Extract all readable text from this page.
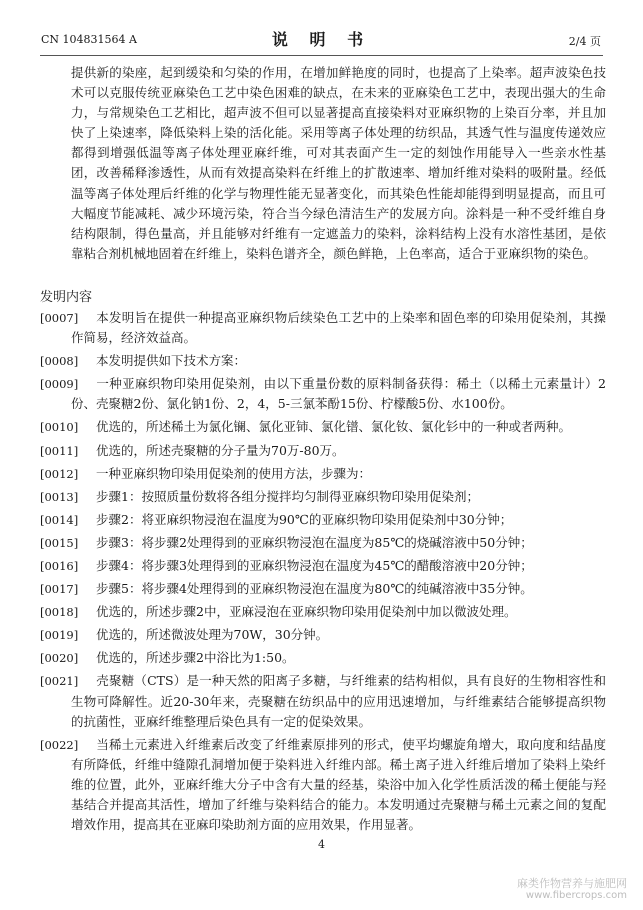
CN 104831564 A	说 明 书	2/4 页

提供新的染座，起到缓染和匀染的作用，在增加鲜艳度的同时，也提高了上染率。超声波染色技术可以克服传统亚麻染色工艺中染色困难的缺点，在未来的亚麻染色工艺中，表现出强大的生命力，与常规染色工艺相比，超声波不但可以显著提高直接染料对亚麻织物的上染百分率，并且加快了上染速率，降低染料上染的活化能。采用等离子体处理的纺织品，其透气性与温度传递效应都得到增强低温等离子体处理亚麻纤维，可对其表面产生一定的刻蚀作用能导入一些亲水性基团，改善稀释渗透性，从而有效提高染料在纤维上的扩散速率、增加纤维对染料的吸附量。经低温等离子体处理后纤维的化学与物理性能无显著变化，而其染色性能却能得到明显提高，而且可大幅度节能减耗、减少环境污染，符合当今绿色清洁生产的发展方向。涂料是一种不受纤维自身结构限制，得色量高，并且能够对纤维有一定遮盖力的染料，涂料结构上没有水溶性基团，是依靠粘合剂机械地固着在纤维上，染料色谱齐全，颜色鲜艳，上色率高，适合于亚麻织物的染色。

发明内容
[0007] 本发明旨在提供一种提高亚麻织物后续染色工艺中的上染率和固色率的印染用促染剂，其操作简易，经济效益高。
[0008] 本发明提供如下技术方案：
[0009] 一种亚麻织物印染用促染剂，由以下重量份数的原料制备获得：稀土（以稀土元素量计）2份、壳聚糖2份、氯化钠1份、2，4，5-三氯苯酚15份、柠檬酸5份、水100份。
[0010] 优选的，所述稀土为氯化镧、氯化亚铈、氯化镨、氯化钕、氯化钐中的一种或者两种。
[0011] 优选的，所述壳聚糖的分子量为70万-80万。
[0012] 一种亚麻织物印染用促染剂的使用方法，步骤为：
[0013] 步骤1：按照质量份数将各组分搅拌均匀制得亚麻织物印染用促染剂；
[0014] 步骤2：将亚麻织物浸泡在温度为90℃的亚麻织物印染用促染剂中30分钟；
[0015] 步骤3：将步骤2处理得到的亚麻织物浸泡在温度为85℃的烧碱溶液中50分钟；
[0016] 步骤4：将步骤3处理得到的亚麻织物浸泡在温度为45℃的醋酸溶液中20分钟；
[0017] 步骤5：将步骤4处理得到的亚麻织物浸泡在温度为80℃的纯碱溶液中35分钟。
[0018] 优选的，所述步骤2中，亚麻浸泡在亚麻织物印染用促染剂中加以微波处理。
[0019] 优选的，所述微波处理为70W，30分钟。
[0020] 优选的，所述步骤2中浴比为1:50。
[0021] 壳聚糖（CTS）是一种天然的阳离子多糖，与纤维素的结构相似，具有良好的生物相容性和生物可降解性。近20-30年来，壳聚糖在纺织品中的应用迅速增加，与纤维素结合能够提高织物的抗菌性，亚麻纤维整理后染色具有一定的促染效果。
[0022] 当稀土元素进入纤维素后改变了纤维素原排列的形式，使平均螺旋角增大，取向度和结晶度有所降低，纤维中缝隙孔洞增加便于染料进入纤维内部。稀土离子进入纤维后增加了染料上染纤维的位置，此外，亚麻纤维大分子中含有大量的经基，染浴中加入化学性质活泼的稀土便能与羟基结合并提高其活性，增加了纤维与染料结合的能力。本发明通过壳聚糖与稀土元素之间的复配增效作用，提高其在亚麻印染助剂方面的应用效果，作用显著。
4
麻类作物营养与施肥网
www.fibercrops.com
